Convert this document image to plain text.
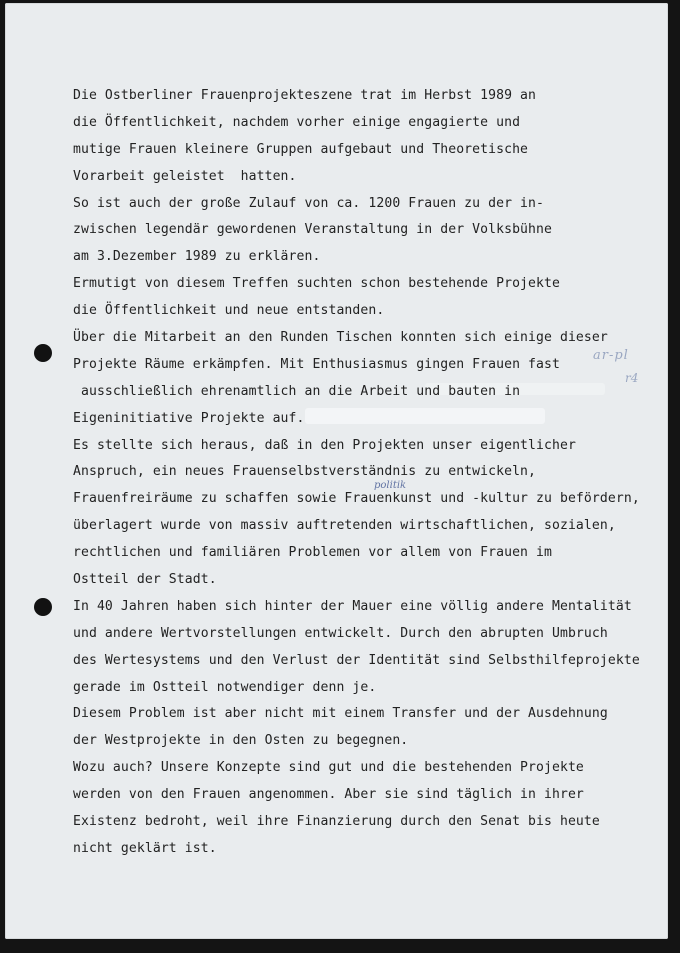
Die Ostberliner Frauenprojekteszene trat im Herbst 1989 an
die Öffentlichkeit, nachdem vorher einige engagierte und
mutige Frauen kleinere Gruppen aufgebaut und Theoretische
Vorarbeit geleistet  hatten.
So ist auch der große Zulauf von ca. 1200 Frauen zu der in-
zwischen legendär gewordenen Veranstaltung in der Volksbühne
am 3.Dezember 1989 zu erklären.
Ermutigt von diesem Treffen suchten schon bestehende Projekte
die Öffentlichkeit und neue entstanden.
Über die Mitarbeit an den Runden Tischen konnten sich einige dieser
Projekte Räume erkämpfen. Mit Enthusiasmus gingen Frauen fast
ausschließlich ehrenamtlich an die Arbeit und bauten in
Eigeninitiative Projekte auf.
Es stellte sich heraus, daß in den Projekten unser eigentlicher
Anspruch, ein neues Frauenselbstverständnis zu entwickeln,
Frauenfreiräume zu schaffen sowie Frauenkunst und -kultur zu befördern,
überlagert wurde von massiv auftretenden wirtschaftlichen, sozialen,
rechtlichen und familiären Problemen vor allem von Frauen im
Ostteil der Stadt.
In 40 Jahren haben sich hinter der Mauer eine völlig andere Mentalität
und andere Wertvorstellungen entwickelt. Durch den abrupten Umbruch
des Wertesystems und den Verlust der Identität sind Selbsthilfeprojekte
gerade im Ostteil notwendiger denn je.
Diesem Problem ist aber nicht mit einem Transfer und der Ausdehnung
der Westprojekte in den Osten zu begegnen.
Wozu auch? Unsere Konzepte sind gut und die bestehenden Projekte
werden von den Frauen angenommen. Aber sie sind täglich in ihrer
Existenz bedroht, weil ihre Finanzierung durch den Senat bis heute
nicht geklärt ist.
ar-pl
r4
politik
